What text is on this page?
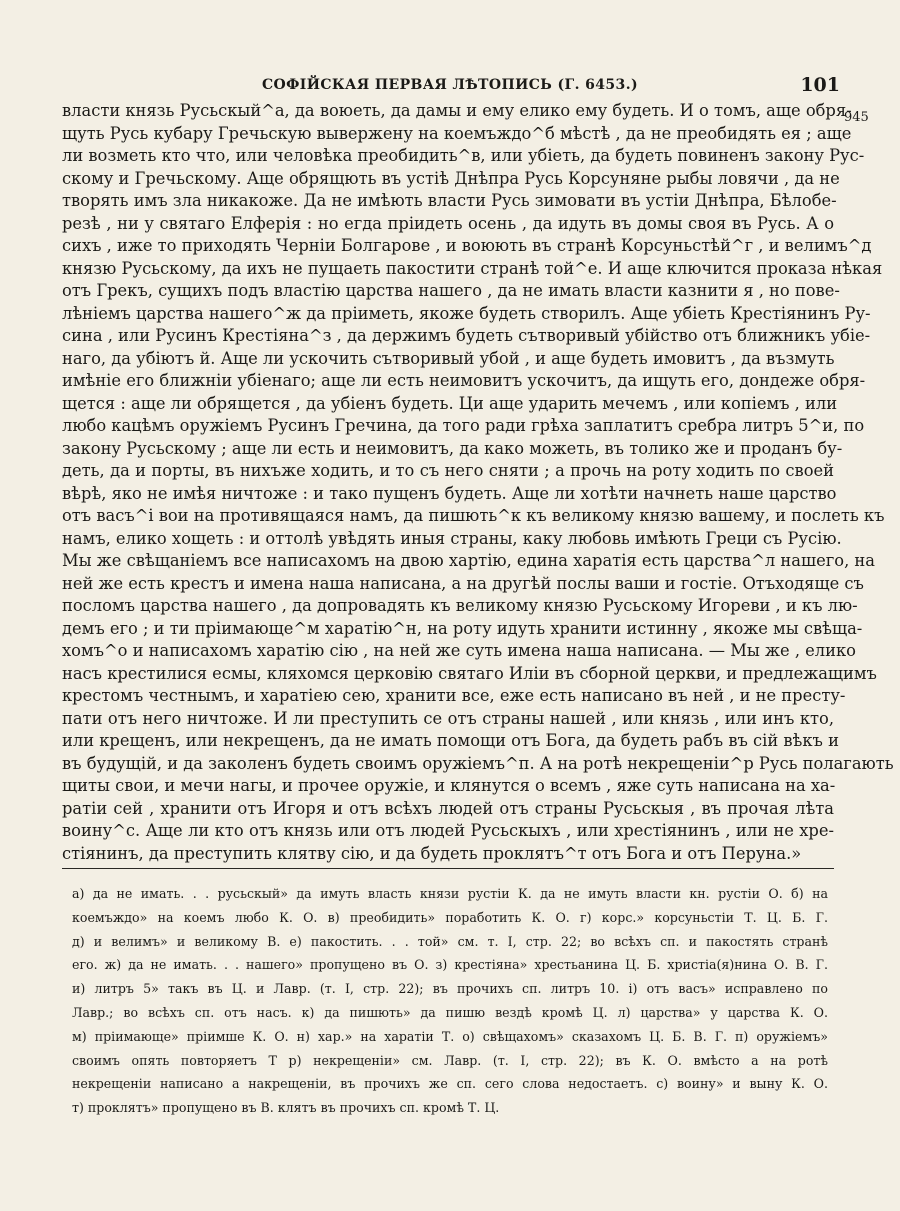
СОФІЙСКАЯ ПЕРВАЯ ЛѢТОПИСЬ (Г. 6453.)	101
945
власти князь Русьскый^а, да воюеть, да дамы и ему елико ему будеть. И о томъ, аще обря-
щуть Русь кубару Гречьскую вывержену на коемъждо^б мѣстѣ , да не преобидять ея ; аще
ли возметь кто что, или человѣка преобидить^в, или убіеть, да будеть повиненъ закону Рус-
скому и Гречьскому. Аще обрящють въ устіѣ Днѣпра Русь Корсуняне рыбы ловячи , да не
творять имъ зла никакоже. Да не имѣють власти Русь зимовати въ устіи Днѣпра, Бѣлобе-
резѣ , ни у святаго Елферія : но егда пріидеть осень , да идуть въ домы своя въ Русь. А о
сихъ , иже то приходять Черніи Болгарове , и воюють въ странѣ Корсуньстѣй^г , и велимъ^д
князю Русьскому, да ихъ не пущаеть пакостити странѣ той^е. И аще ключится проказа нѣкая
отъ Грекъ, сущихъ подъ властію царства нашего , да не имать власти казнити я , но пове-
лѣніемъ царства нашего^ж да пріиметь, якоже будеть створилъ. Аще убіеть Крестіянинъ Ру-
сина , или Русинъ Крестіяна^з , да держимъ будеть сътворивый убійство отъ ближникъ убіе-
наго, да убіютъ й. Аще ли ускочить сътворивый убой , и аще будеть имовитъ , да възмуть
имѣніе его ближніи убіенаго; аще ли есть неимовитъ ускочитъ, да ищуть его, дондеже обря-
щется : аще ли обрящется , да убіенъ будеть. Ци аще ударить мечемъ , или копіемъ , или
любо кацѣмъ оружіемъ Русинъ Гречина, да того ради грѣха заплатитъ сребра литръ 5^и, по
закону Русьскому ; аще ли есть и неимовитъ, да како можеть, въ толико же и проданъ бу-
деть, да и порты, въ нихъже ходить, и то съ него сняти ; а прочь на роту ходить по своей
вѣрѣ, яко не имѣя ничтоже : и тако пущенъ будеть. Аще ли хотѣти начнеть наше царство
отъ васъ^і вои на противящаяся намъ, да пишють^к къ великому князю вашему, и послеть къ
намъ, елико хощеть : и оттолѣ увѣдять иныя страны, каку любовь имѣють Греци съ Русію.
Мы же свѣщаніемъ все написахомъ на двою хартію, едина харатія есть царства^л нашего, на
ней же есть крестъ и имена наша написана, а на другѣй послы ваши и гостіе. Отъходяще съ
посломъ царства нашего , да допровадять къ великому князю Русьскому Игореви , и къ лю-
демъ его ; и ти пріимающе^м харатію^н, на роту идуть хранити истинну , якоже мы свѣща-
хомъ^о и написахомъ харатію сію , на ней же суть имена наша написана. — Мы же , елико
насъ крестилися есмы, кляхомся церковію святаго Иліи въ сборной церкви, и предлежащимъ
крестомъ честнымъ, и харатіею сею, хранити все, еже есть написано въ ней , и не престу-
пати отъ него ничтоже. И ли преступить се отъ страны нашей , или князь , или инъ кто,
или крещенъ, или некрещенъ, да не имать помощи отъ Бога, да будеть рабъ въ сій вѣкъ и
въ будущій, и да заколенъ будеть своимъ оружіемъ^п. А на ротѣ некрещеніи^р Русь полагають
щиты свои, и мечи нагы, и прочее оружіе, и клянутся о всемъ , яже суть написана на ха-
ратіи сей , хранити отъ Игоря и отъ всѣхъ людей отъ страны Русьскыя , въ прочая лѣта
воину^с. Аще ли кто отъ князь или отъ людей Русьскыхъ , или хрестіянинъ , или не хре-
стіянинъ, да преступить клятву сію, и да будеть проклятъ^т отъ Бога и отъ Перуна.»
а) да не имать. . . русьскый» да имуть власть князи рустіи К. да не имуть власти кн. рустіи О. б) на
коемъждо» на коемъ любо К. О. в) преобидить» поработить К. О. г) корс.» корсуньстіи Т. Ц. Б. Г.
д) и велимъ» и великому В. е) пакостить. . . той» см. т. I, стр. 22; во всѣхъ сп. и пакостять странѣ
его. ж) да не имать. . . нашего» пропущено въ О. з) крестіяна» хрестьанина Ц. Б. христіа(я)нина О. В. Г.
и) литръ 5» такъ въ Ц. и Лавр. (т. I, стр. 22); въ прочихъ сп. литръ 10. і) отъ васъ» исправлено по
Лавр.; во всѣхъ сп. отъ насъ. к) да пишють» да пишю вездѣ кромѣ Ц. л) царства» у царства К. О.
м) пріимающе» пріимше К. О. н) хар.» на харатіи Т. о) свѣщахомъ» сказахомъ Ц. Б. В. Г. п) оружіемъ»
своимъ опять повторяетъ Т р) некрещеніи» см. Лавр. (т. I, стр. 22); въ К. О. вмѣсто а на ротѣ
некрещеніи написано а накрещеніи, въ прочихъ же сп. сего слова недостаетъ. с) воину» и выну К. О.
т) проклятъ» пропущено въ В. клятъ въ прочихъ сп. кромѣ Т. Ц.
